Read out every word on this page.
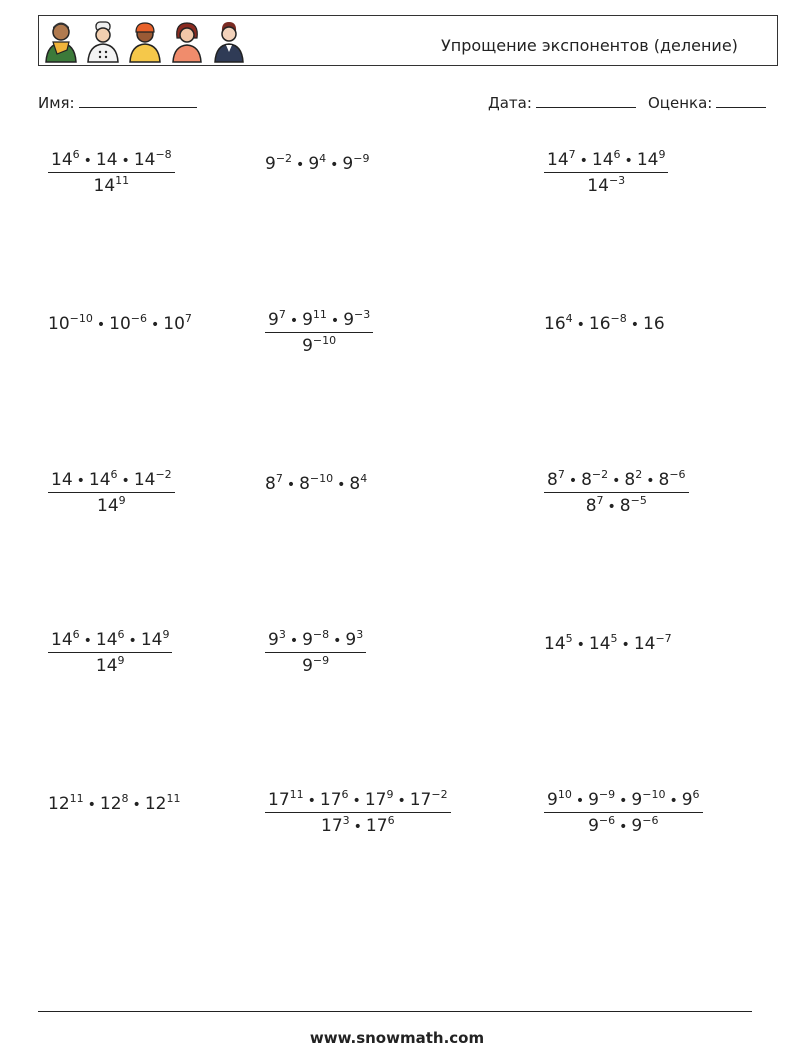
Упрощение экспонентов (деление)
Имя:	Дата:	Оценка:
$\frac{14^6 • 14 • 14^{-8}}{14^{11}}$	$9^{-2}$ • $9^4$ • $9^{-9}$	$\frac{14^7 • 14^6 • 14^9}{14^{-3}}$
$10^{-10}$ • $10^{-6}$ • $10^7$	$\frac{9^7 • 9^{11} • 9^{-3}}{9^{-10}}$	$16^4$ • $16^{-8}$ • 16
$\frac{14 • 14^6 • 14^{-2}}{14^9}$	$8^7$ • $8^{-10}$ • $8^4$	$\frac{8^7 • 8^{-2} • 8^2 • 8^{-6}}{8^7 • 8^{-5}}$
$\frac{14^6 • 14^6 • 14^9}{14^9}$	$\frac{9^3 • 9^{-8} • 9^3}{9^{-9}}$	$14^5$ • $14^5$ • $14^{-7}$
$12^{11}$ • $12^8$ • $12^{11}$	$\frac{17^{11} • 17^6 • 17^9 • 17^{-2}}{17^3 • 17^6}$	$\frac{9^{10} • 9^{-9} • 9^{-10} • 9^6}{9^{-6} • 9^{-6}}$
www.snowmath.com
